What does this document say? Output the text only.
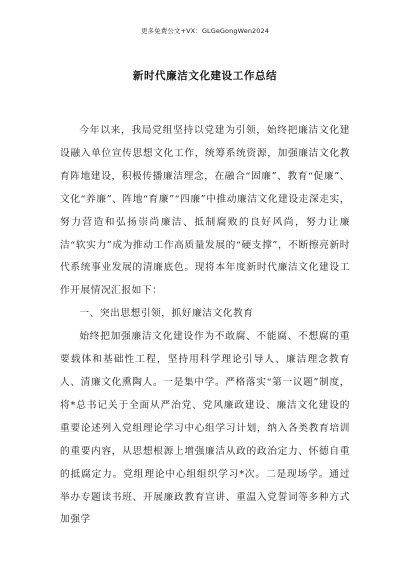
更多免费公文+VX：GLGeGongWen2024
新时代廉洁文化建设工作总结

今年以来，我局党组坚持以党建为引领，始终把廉洁文化建设融入单位宣传思想文化工作，统筹系统资源，加强廉洁文化教育阵地建设，积极传播廉洁理念，在融合“固廉”、教育“促廉”、文化“养廉”、阵地“育廉”“四廉”中推动廉洁文化建设走深走实，努力营造和弘扬崇尚廉洁、抵制腐败的良好风尚，努力让廉洁“软实力”成为推动工作高质量发展的“硬支撑”，不断擦亮新时代系统事业发展的清廉底色。现将本年度新时代廉洁文化建设工作开展情况汇报如下：

一、突出思想引领，抓好廉洁文化教育

始终把加强廉洁文化建设作为不敢腐、不能腐、不想腐的重要载体和基础性工程，坚持用科学理论引导人、廉洁理念教育人、清廉文化熏陶人。一是集中学。严格落实“第一议题”制度，将*总书记关于全面从严治党、党风廉政建设、廉洁文化建设的重要论述列入党组理论学习中心组学习计划，纳入各类教育培训的重要内容，从思想根源上增强廉洁从政的政治定力、怀德自重的抵腐定力。党组理论中心组组织学习*次。二是现场学。通过举办专题读书班、开展廉政教育宣讲、重温入党誓词等多种方式加强学
